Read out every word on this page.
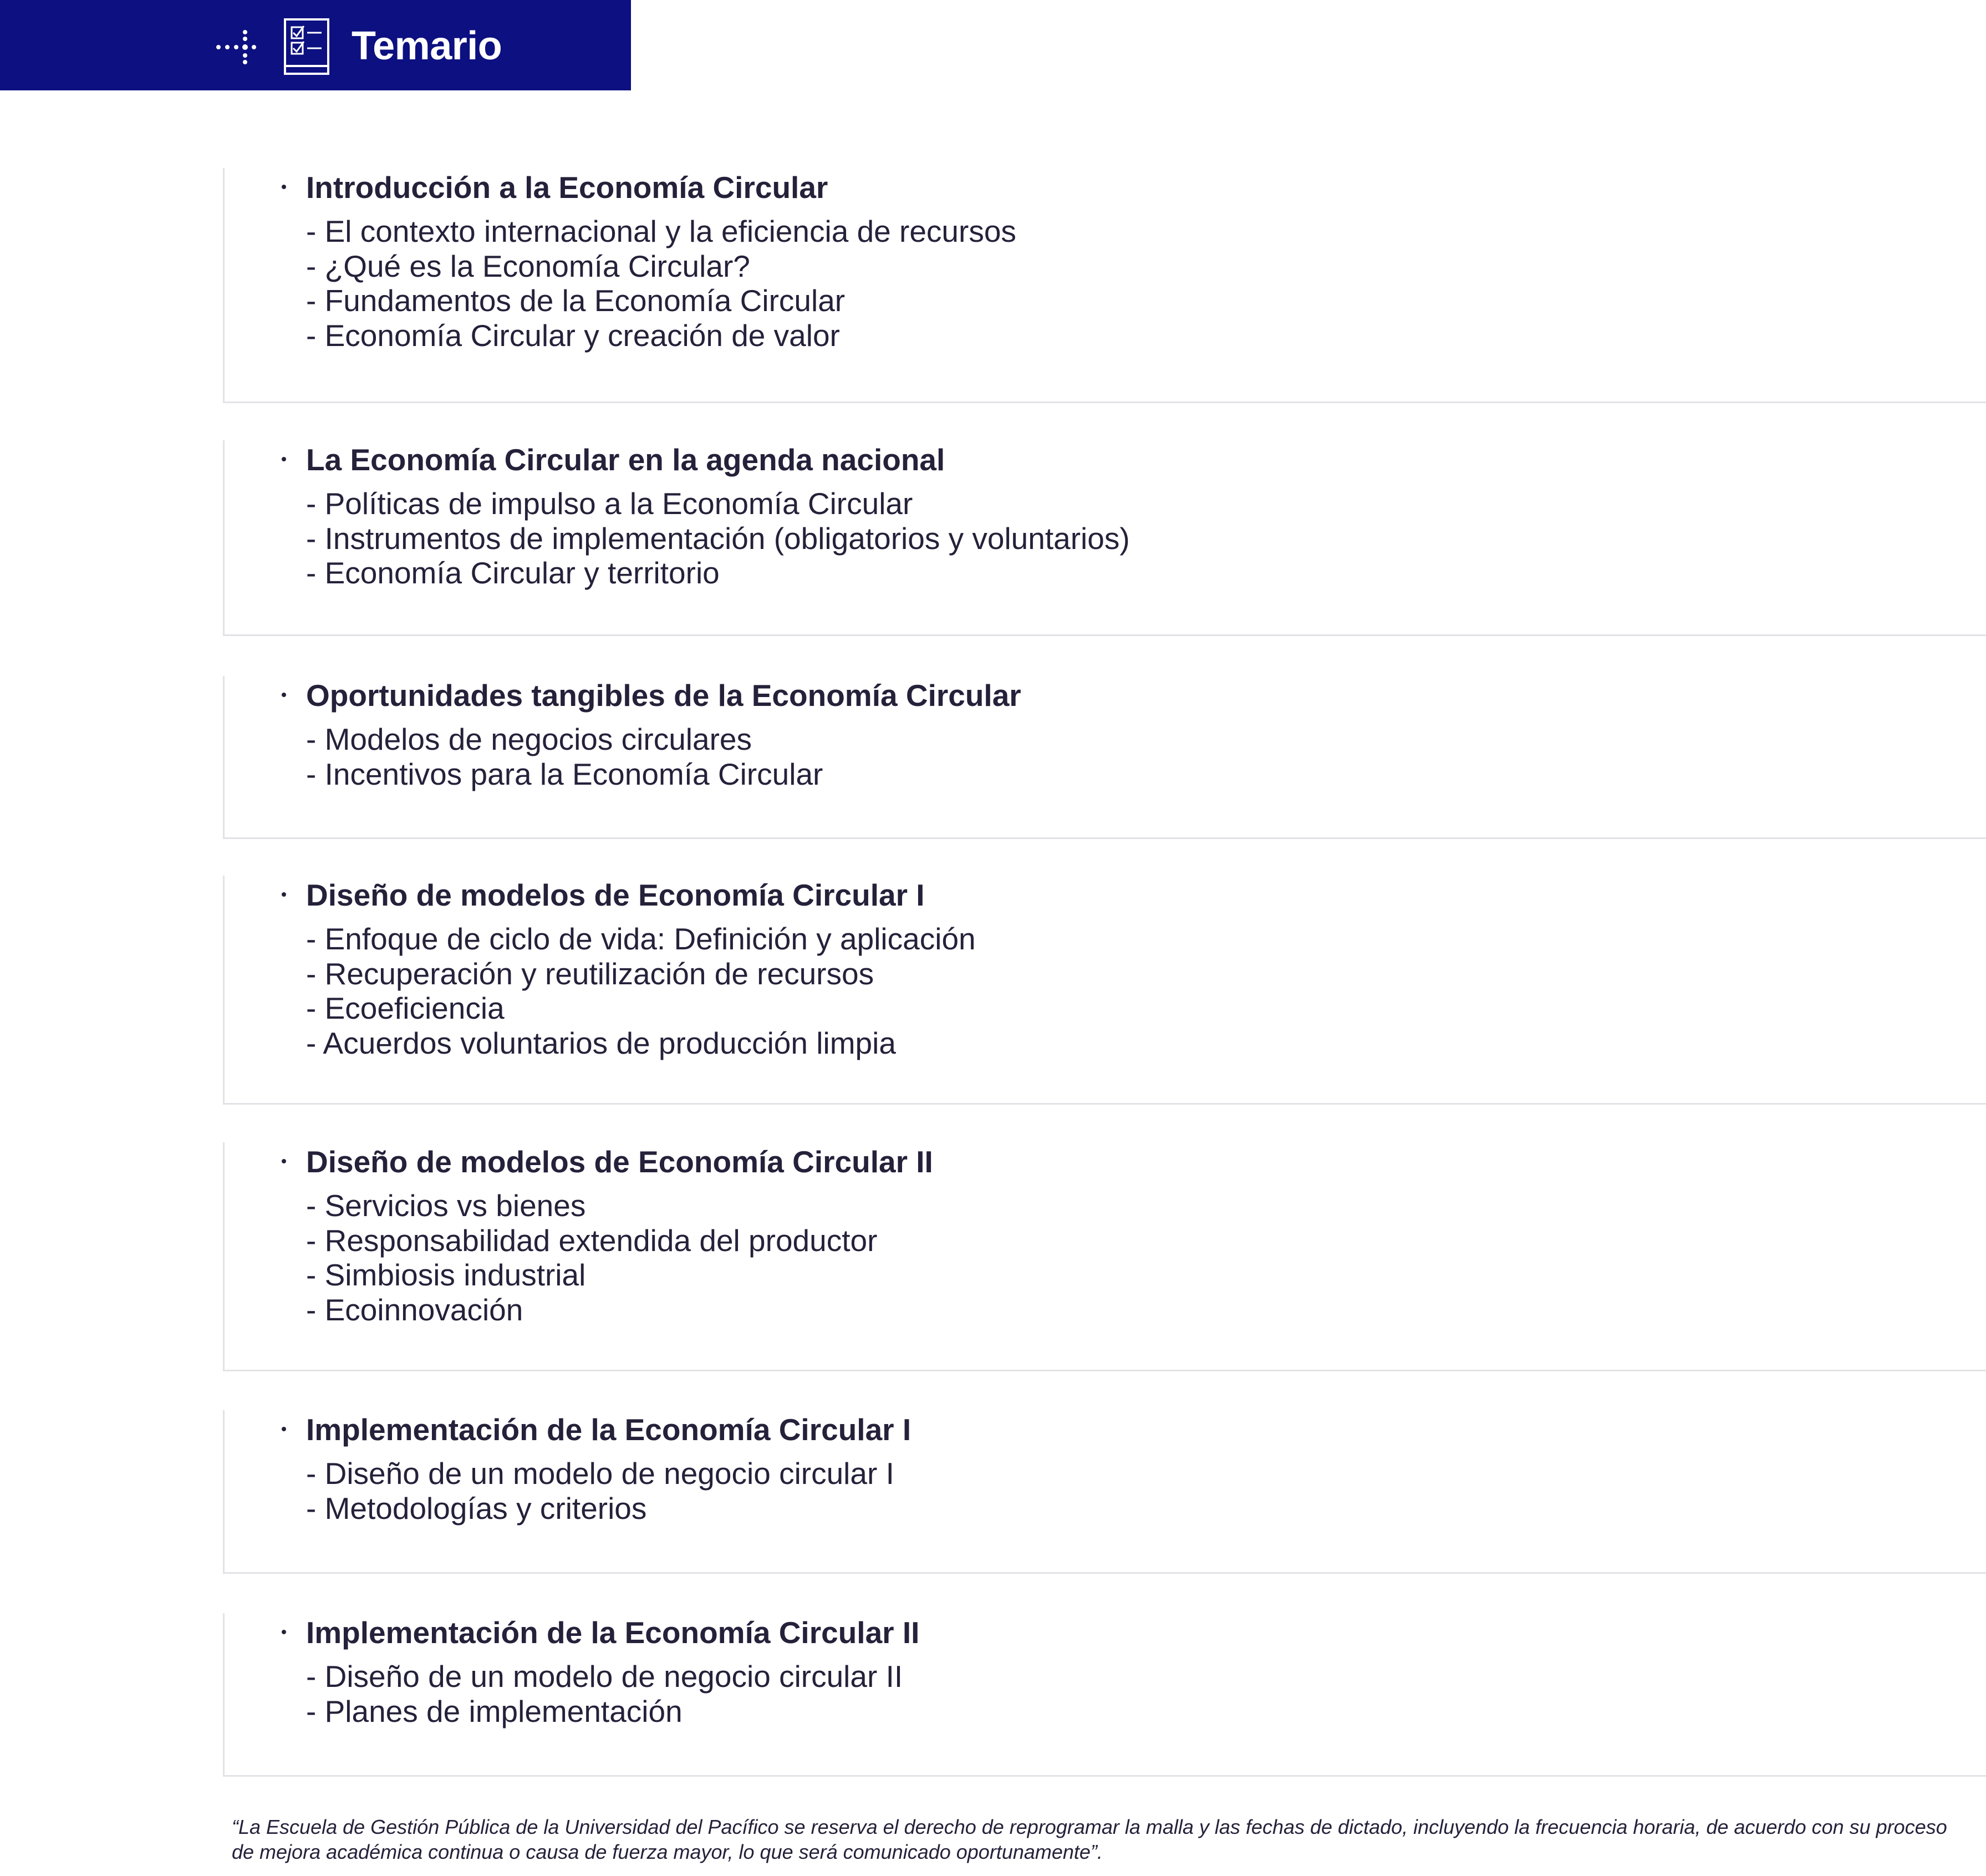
Temario
Introducción a la Economía Circular
- El contexto internacional y la eficiencia de recursos
- ¿Qué es la Economía Circular?
- Fundamentos de la Economía Circular
- Economía Circular y creación de valor
La Economía Circular en la agenda nacional
- Políticas de impulso a la Economía Circular
- Instrumentos de implementación (obligatorios y voluntarios)
- Economía Circular y territorio
Oportunidades tangibles de la Economía Circular
- Modelos de negocios circulares
- Incentivos para la Economía Circular
Diseño de modelos de Economía Circular I
- Enfoque de ciclo de vida: Definición y aplicación
- Recuperación y reutilización de recursos
- Ecoeficiencia
- Acuerdos voluntarios de producción limpia
Diseño de modelos de Economía Circular II
- Servicios vs bienes
- Responsabilidad extendida del productor
- Simbiosis industrial
- Ecoinnovación
Implementación de la Economía Circular I
- Diseño de un modelo de negocio circular I
- Metodologías y criterios
Implementación de la Economía Circular II
- Diseño de un modelo de negocio circular II
- Planes de implementación
“La Escuela de Gestión Pública de la Universidad del Pacífico se reserva el derecho de reprogramar la malla y las fechas de dictado, incluyendo la frecuencia horaria, de acuerdo con su proceso de mejora académica continua o causa de fuerza mayor, lo que será comunicado oportunamente”.
